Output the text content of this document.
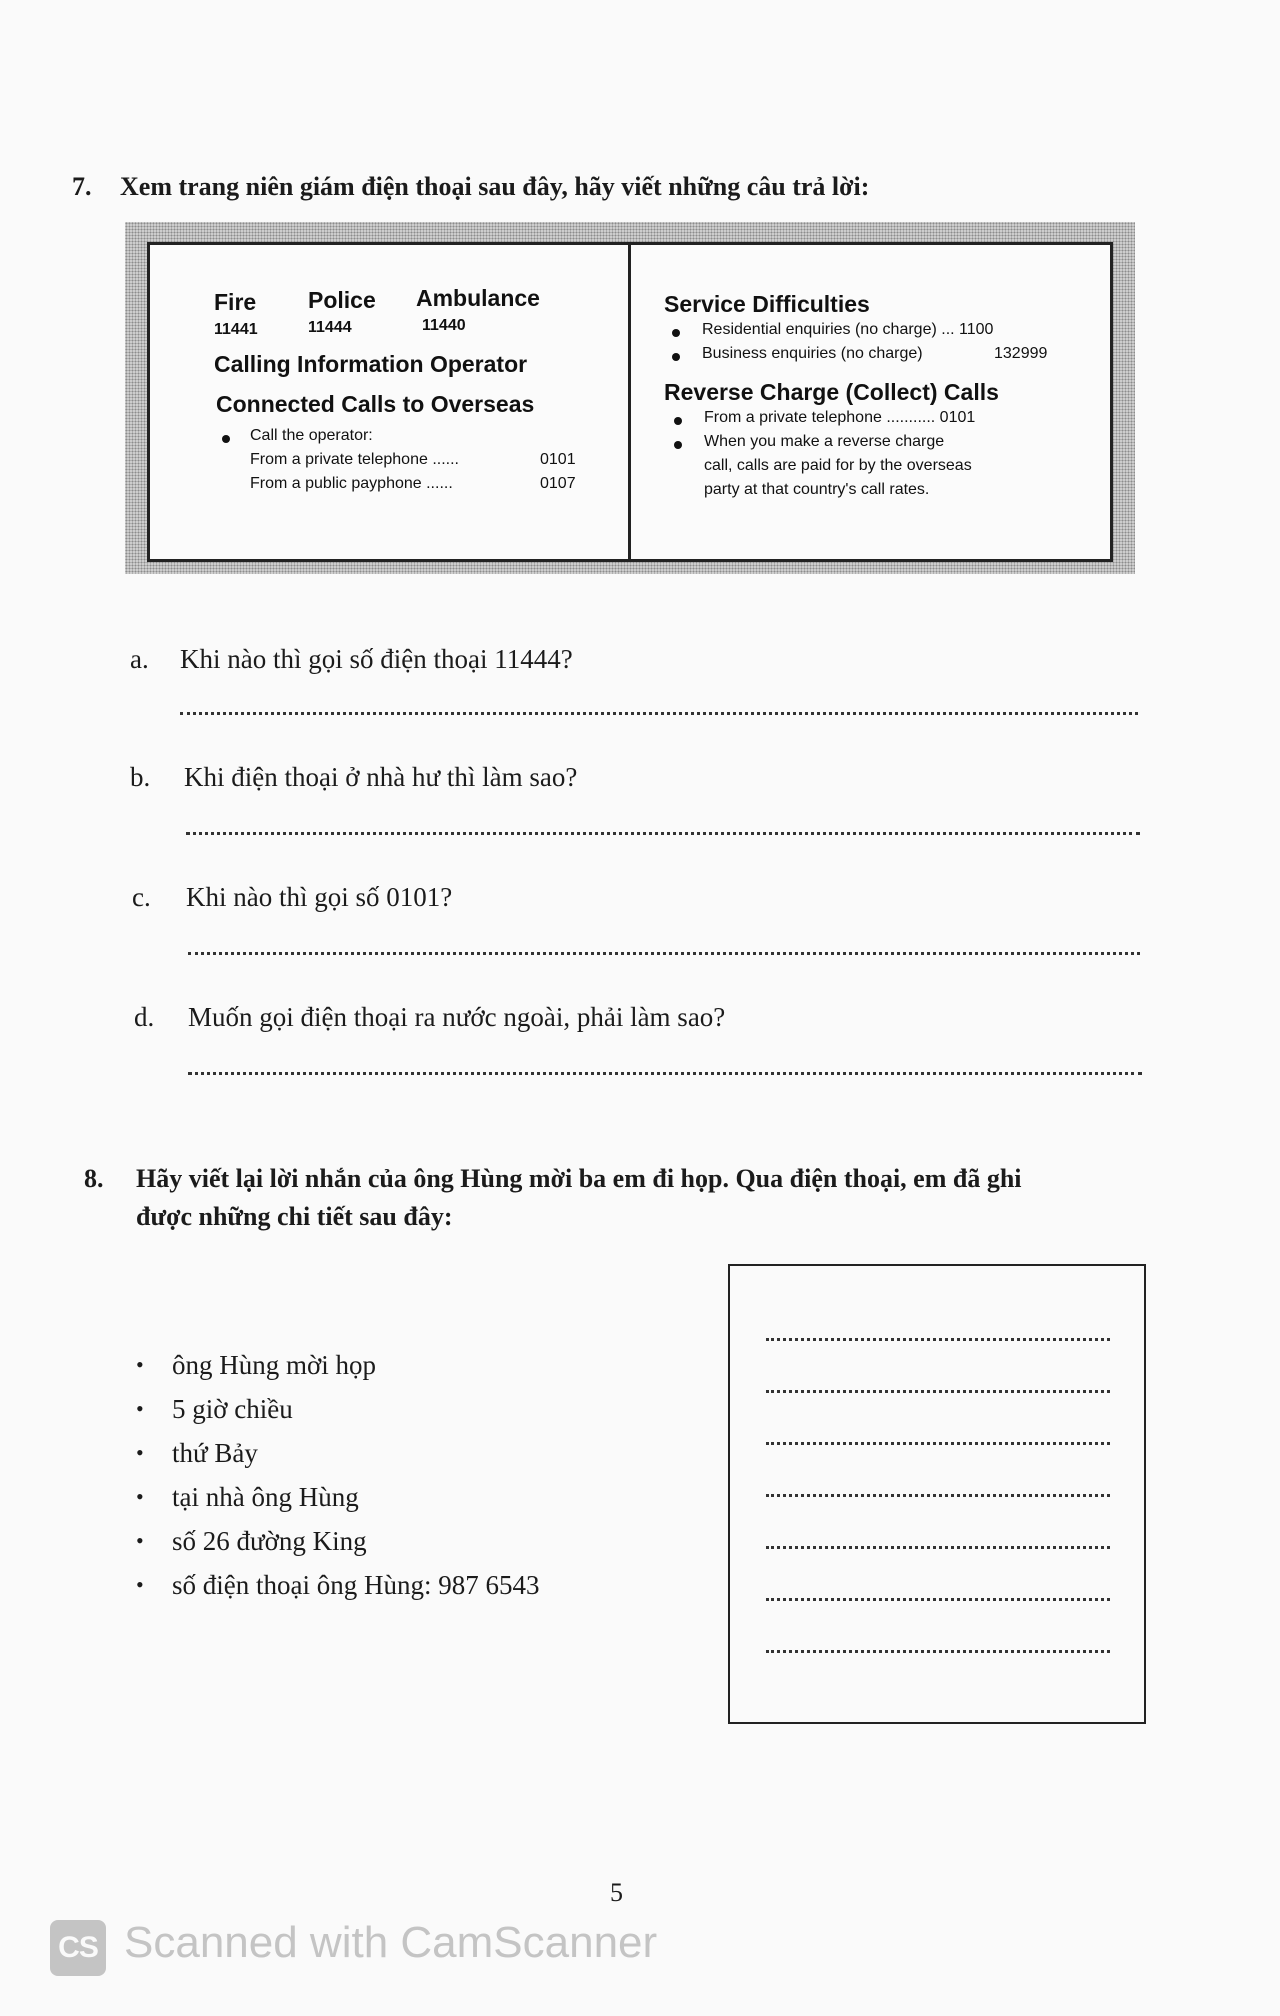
7. Xem trang niên giám điện thoại sau đây, hãy viết những câu trả lời:
Fire
11441
Police
11444
Ambulance
11440
Calling Information Operator
Connected Calls to Overseas
Call the operator:
From a private telephone ......	0101
From a public payphone ......	0107
Service Difficulties
Residential enquiries (no charge) ... 1100
Business enquiries (no charge)	132999
Reverse Charge (Collect) Calls
From a private telephone ........... 0101
When you make a reverse charge
call, calls are paid for by the overseas
party at that country's call rates.
a. Khi nào thì gọi số điện thoại 11444?
b. Khi điện thoại ở nhà hư thì làm sao?
c. Khi nào thì gọi số 0101?
d. Muốn gọi điện thoại ra nước ngoài, phải làm sao?
8. Hãy viết lại lời nhắn của ông Hùng mời ba em đi họp. Qua điện thoại, em đã ghi
được những chi tiết sau đây:
• ông Hùng mời họp
• 5 giờ chiều
• thứ Bảy
• tại nhà ông Hùng
• số 26 đường King
• số điện thoại ông Hùng: 987 6543
5
CS Scanned with CamScanner
